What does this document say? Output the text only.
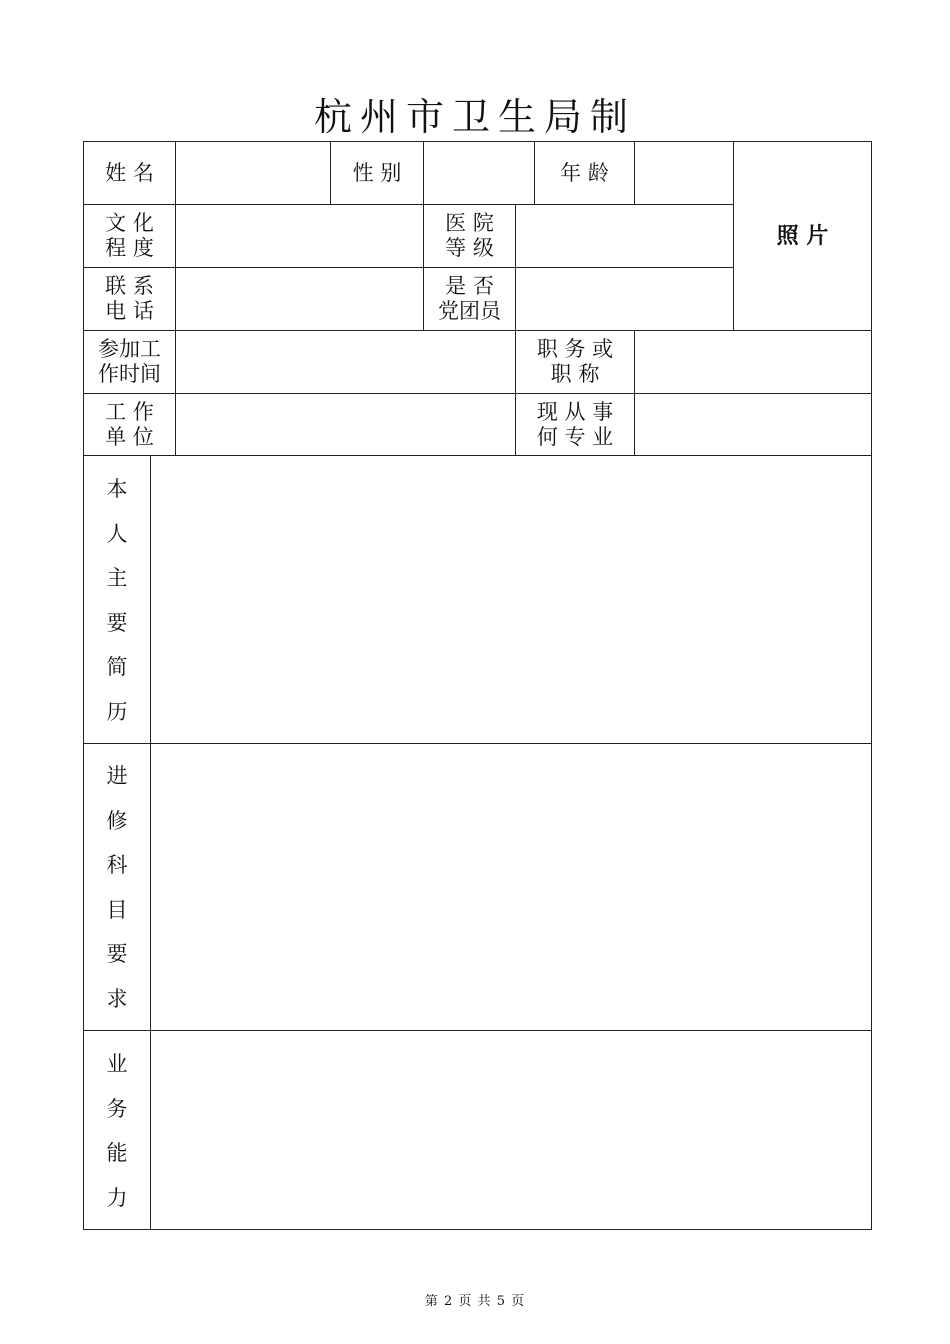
杭州市卫生局制
姓 名	性 别	年 龄
照 片
文 化
程 度
医 院
等 级
联 系
电 话
是 否
党团员
参加工
作时间
职 务 或
职 称
工 作
单 位
现 从 事
何 专 业
本
人
主
要
简
历
进
修
科
目
要
求
业
务
能
力
第 2 页 共 5 页
